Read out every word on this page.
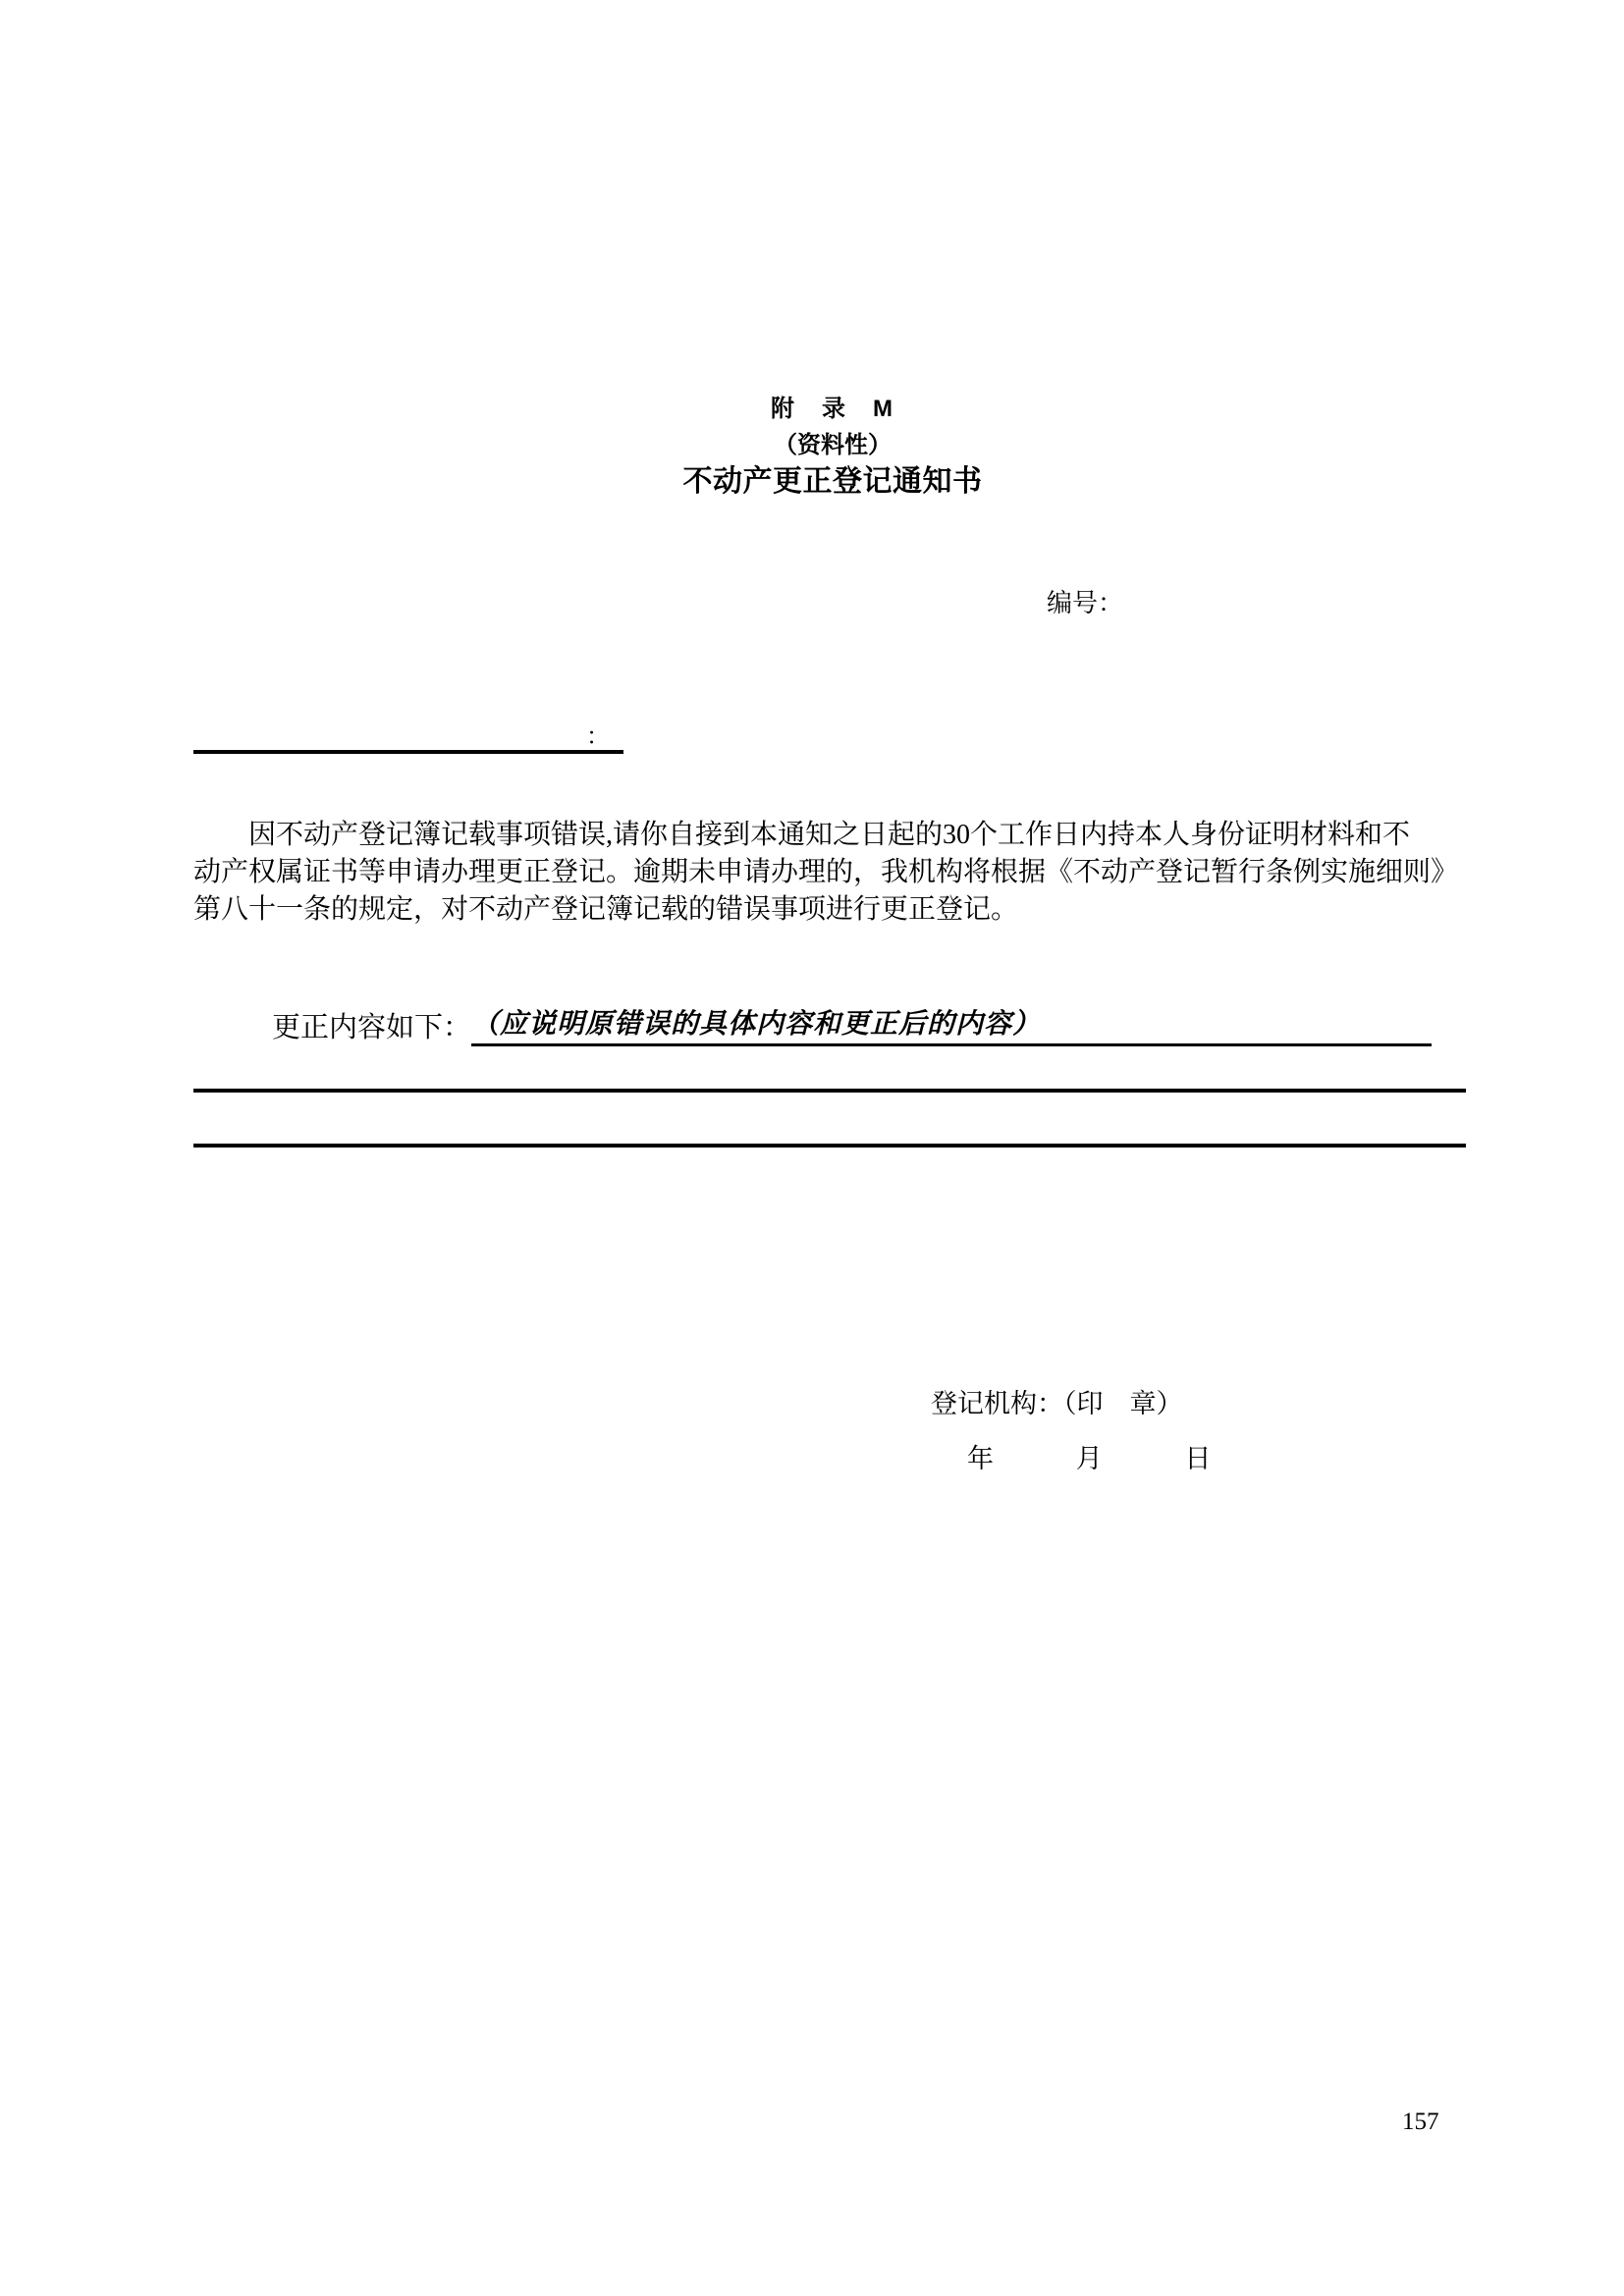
附　录　M
（资料性）
不动产更正登记通知书
编号：
：
因不动产登记簿记载事项错误,请你自接到本通知之日起的30个工作日内持本人身份证明材料和不
动产权属证书等申请办理更正登记。逾期未申请办理的，我机构将根据《不动产登记暂行条例实施细则》
第八十一条的规定，对不动产登记簿记载的错误事项进行更正登记。
更正内容如下： （应说明原错误的具体内容和更正后的内容）
登记机构：（印　章）
年	月	日
157
